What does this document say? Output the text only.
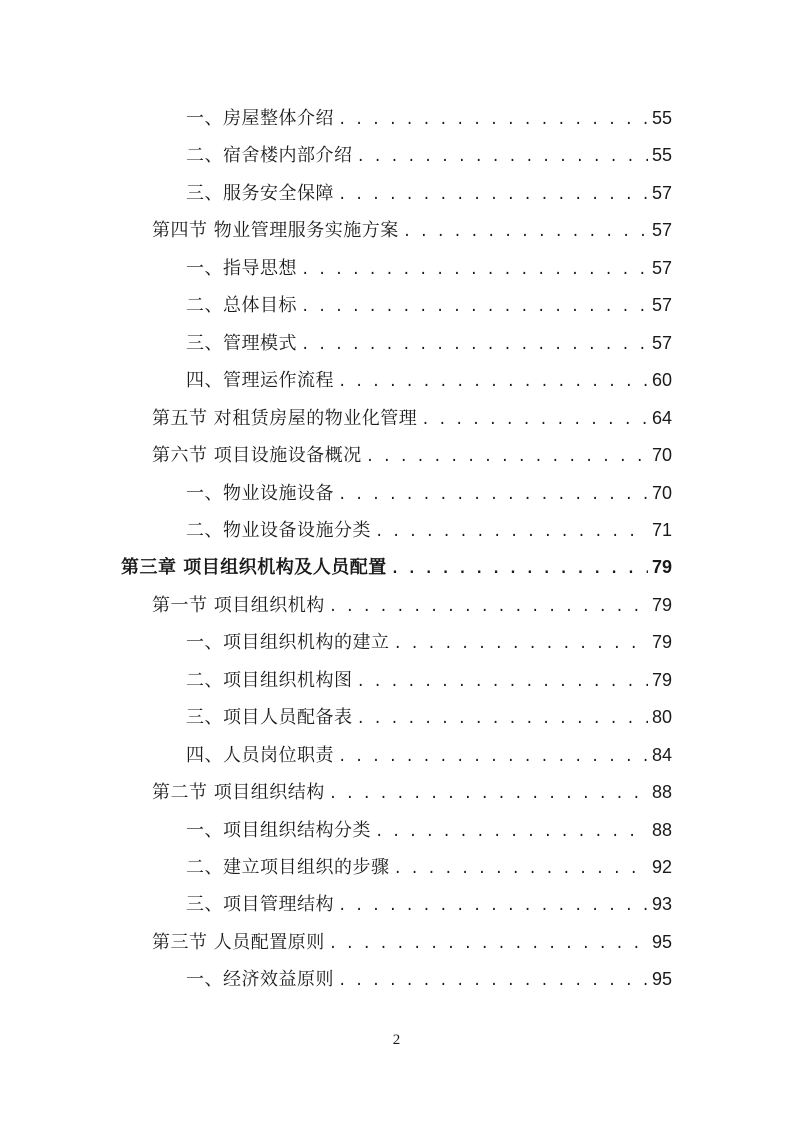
一、房屋整体介绍 . . .	55
二、宿舍楼内部介绍 . . .	55
三、服务安全保障 . . .	57
第四节 物业管理服务实施方案 . . .	57
一、指导思想 . . .	57
二、总体目标 . . .	57
三、管理模式 . . .	57
四、管理运作流程 . . .	60
第五节 对租赁房屋的物业化管理 . . .	64
第六节 项目设施设备概况 . . .	70
一、物业设施设备 . . .	70
二、物业设备设施分类 . . .	71
第三章 项目组织机构及人员配置 . . .	79
第一节 项目组织机构 . . .	79
一、项目组织机构的建立 . . .	79
二、项目组织机构图 . . .	79
三、项目人员配备表 . . .	80
四、人员岗位职责 . . .	84
第二节 项目组织结构 . . .	88
一、项目组织结构分类 . . .	88
二、建立项目组织的步骤 . . .	92
三、项目管理结构 . . .	93
第三节 人员配置原则 . . .	95
一、经济效益原则 . . .	95
2
